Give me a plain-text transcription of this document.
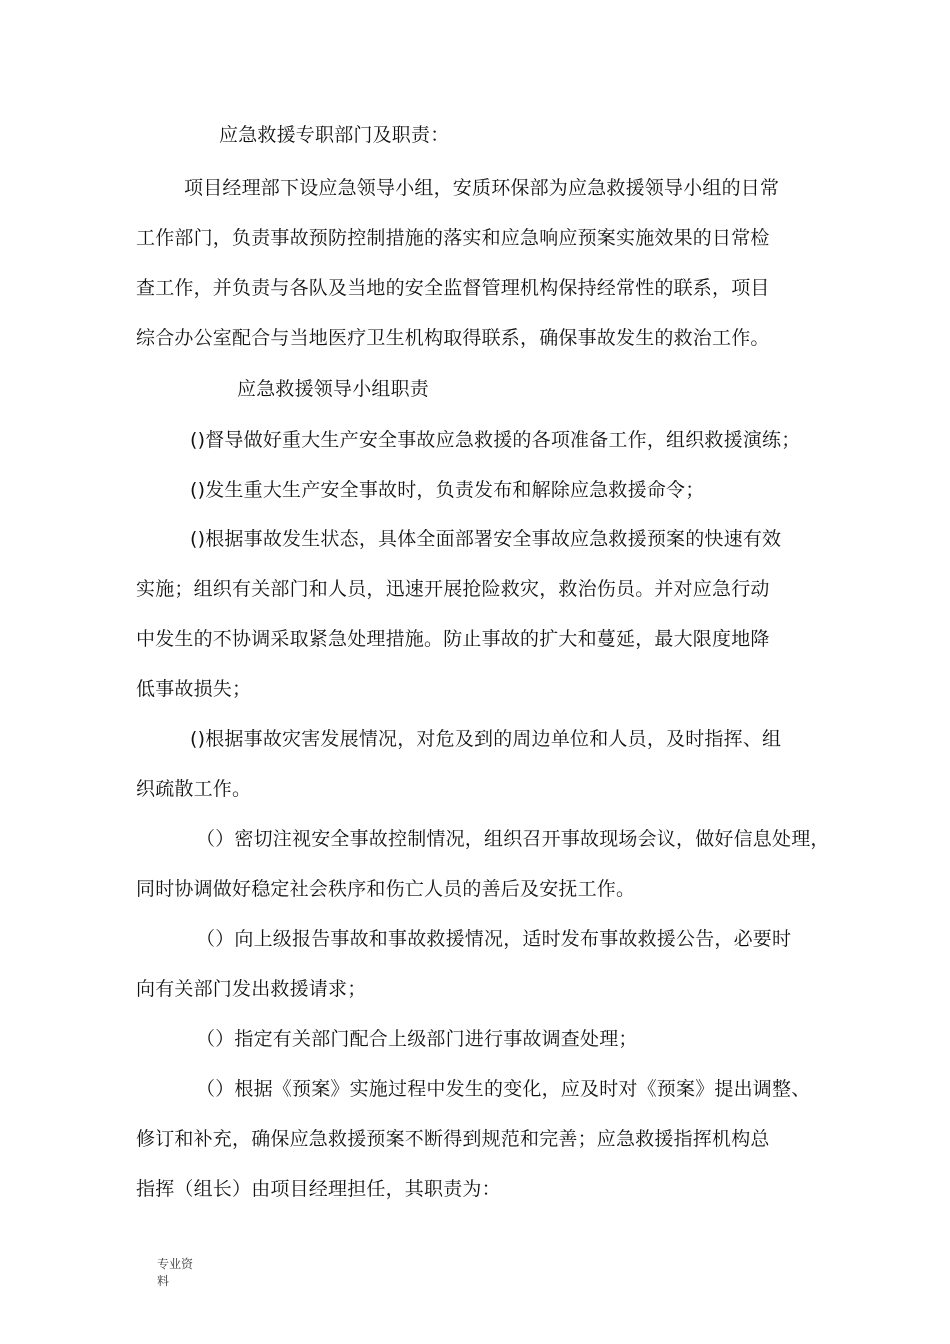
应急救援专职部门及职责：
项目经理部下设应急领导小组，安质环保部为应急救援领导小组的日常
工作部门，负责事故预防控制措施的落实和应急响应预案实施效果的日常检
查工作，并负责与各队及当地的安全监督管理机构保持经常性的联系，项目
综合办公室配合与当地医疗卫生机构取得联系，确保事故发生的救治工作。
应急救援领导小组职责
()督导做好重大生产安全事故应急救援的各项准备工作，组织救援演练；
()发生重大生产安全事故时，负责发布和解除应急救援命令；
()根据事故发生状态，具体全面部署安全事故应急救援预案的快速有效
实施；组织有关部门和人员，迅速开展抢险救灾，救治伤员。并对应急行动
中发生的不协调采取紧急处理措施。防止事故的扩大和蔓延，最大限度地降
低事故损失；
()根据事故灾害发展情况，对危及到的周边单位和人员，及时指挥、组
织疏散工作。
（）密切注视安全事故控制情况，组织召开事故现场会议，做好信息处理，
同时协调做好稳定社会秩序和伤亡人员的善后及安抚工作。
（）向上级报告事故和事故救援情况，适时发布事故救援公告，必要时
向有关部门发出救援请求；
（）指定有关部门配合上级部门进行事故调查处理；
（）根据《预案》实施过程中发生的变化，应及时对《预案》提出调整、
修订和补充，确保应急救援预案不断得到规范和完善；应急救援指挥机构总
指挥（组长）由项目经理担任，其职责为：
专业资
料
